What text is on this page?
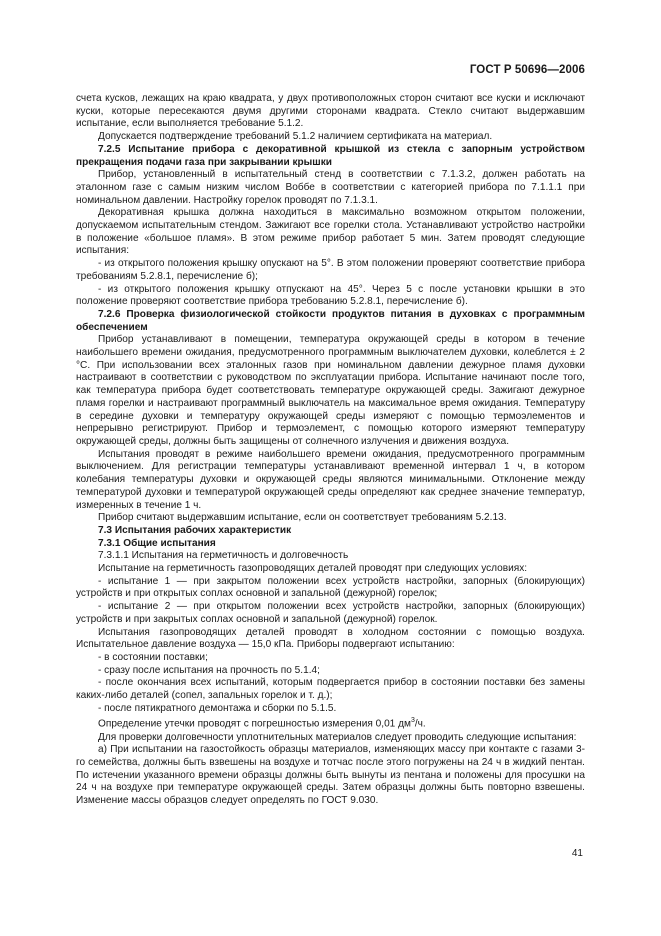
ГОСТ Р 50696—2006

счета кусков, лежащих на краю квадрата, у двух противоположных сторон считают все куски и исключают куски, которые пересекаются двумя другими сторонами квадрата. Стекло считают выдержавшим испытание, если выполняется требование 5.1.2.

Допускается подтверждение требований 5.1.2 наличием сертификата на материал.

7.2.5 Испытание прибора с декоративной крышкой из стекла с запорным устройством прекращения подачи газа при закрывании крышки

Прибор, установленный в испытательный стенд в соответствии с 7.1.3.2, должен работать на эталонном газе с самым низким числом Воббе в соответствии с категорией прибора по 7.1.1.1 при номинальном давлении. Настройку горелок проводят по 7.1.3.1.

Декоративная крышка должна находиться в максимально возможном открытом положении, допускаемом испытательным стендом. Зажигают все горелки стола. Устанавливают устройство настройки в положение «большое пламя». В этом режиме прибор работает 5 мин. Затем проводят следующие испытания:

- из открытого положения крышку опускают на 5°. В этом положении проверяют соответствие прибора требованиям 5.2.8.1, перечисление б);

- из открытого положения крышку отпускают на 45°. Через 5 с после установки крышки в это положение проверяют соответствие прибора требованию 5.2.8.1, перечисление б).

7.2.6 Проверка физиологической стойкости продуктов питания в духовках с программным обеспечением

Прибор устанавливают в помещении, температура окружающей среды в котором в течение наибольшего времени ожидания, предусмотренного программным выключателем духовки, колеблется ± 2 °С. При использовании всех эталонных газов при номинальном давлении дежурное пламя духовки настраивают в соответствии с руководством по эксплуатации прибора. Испытание начинают после того, как температура прибора будет соответствовать температуре окружающей среды. Зажигают дежурное пламя горелки и настраивают программный выключатель на максимальное время ожидания. Температуру в середине духовки и температуру окружающей среды измеряют с помощью термоэлементов и непрерывно регистрируют. Прибор и термоэлемент, с помощью которого измеряют температуру окружающей среды, должны быть защищены от солнечного излучения и движения воздуха.

Испытания проводят в режиме наибольшего времени ожидания, предусмотренного программным выключением. Для регистрации температуры устанавливают временной интервал 1 ч, в котором колебания температуры духовки и окружающей среды являются минимальными. Отклонение между температурой духовки и температурой окружающей среды определяют как среднее значение температур, измеренных в течение 1 ч.

Прибор считают выдержавшим испытание, если он соответствует требованиям 5.2.13.

7.3 Испытания рабочих характеристик

7.3.1 Общие испытания

7.3.1.1 Испытания на герметичность и долговечность

Испытание на герметичность газопроводящих деталей проводят при следующих условиях:

- испытание 1 — при закрытом положении всех устройств настройки, запорных (блокирующих) устройств и при открытых соплах основной и запальной (дежурной) горелок;

- испытание 2 — при открытом положении всех устройств настройки, запорных (блокирующих) устройств и при закрытых соплах основной и запальной (дежурной) горелок.

Испытания газопроводящих деталей проводят в холодном состоянии с помощью воздуха. Испытательное давление воздуха — 15,0 кПа. Приборы подвергают испытанию:

- в состоянии поставки;

- сразу после испытания на прочность по 5.1.4;

- после окончания всех испытаний, которым подвергается прибор в состоянии поставки без замены каких-либо деталей (сопел, запальных горелок и т. д.);

- после пятикратного демонтажа и сборки по 5.1.5.

Определение утечки проводят с погрешностью измерения 0,01 $дм^3/ч$.

Для проверки долговечности уплотнительных материалов следует проводить следующие испытания:

а) При испытании на газостойкость образцы материалов, изменяющих массу при контакте с газами 3-го семейства, должны быть взвешены на воздухе и тотчас после этого погружены на 24 ч в жидкий пентан. По истечении указанного времени образцы должны быть вынуты из пентана и положены для просушки на 24 ч на воздухе при температуре окружающей среды. Затем образцы должны быть повторно взвешены. Изменение массы образцов следует определять по ГОСТ 9.030.

41
